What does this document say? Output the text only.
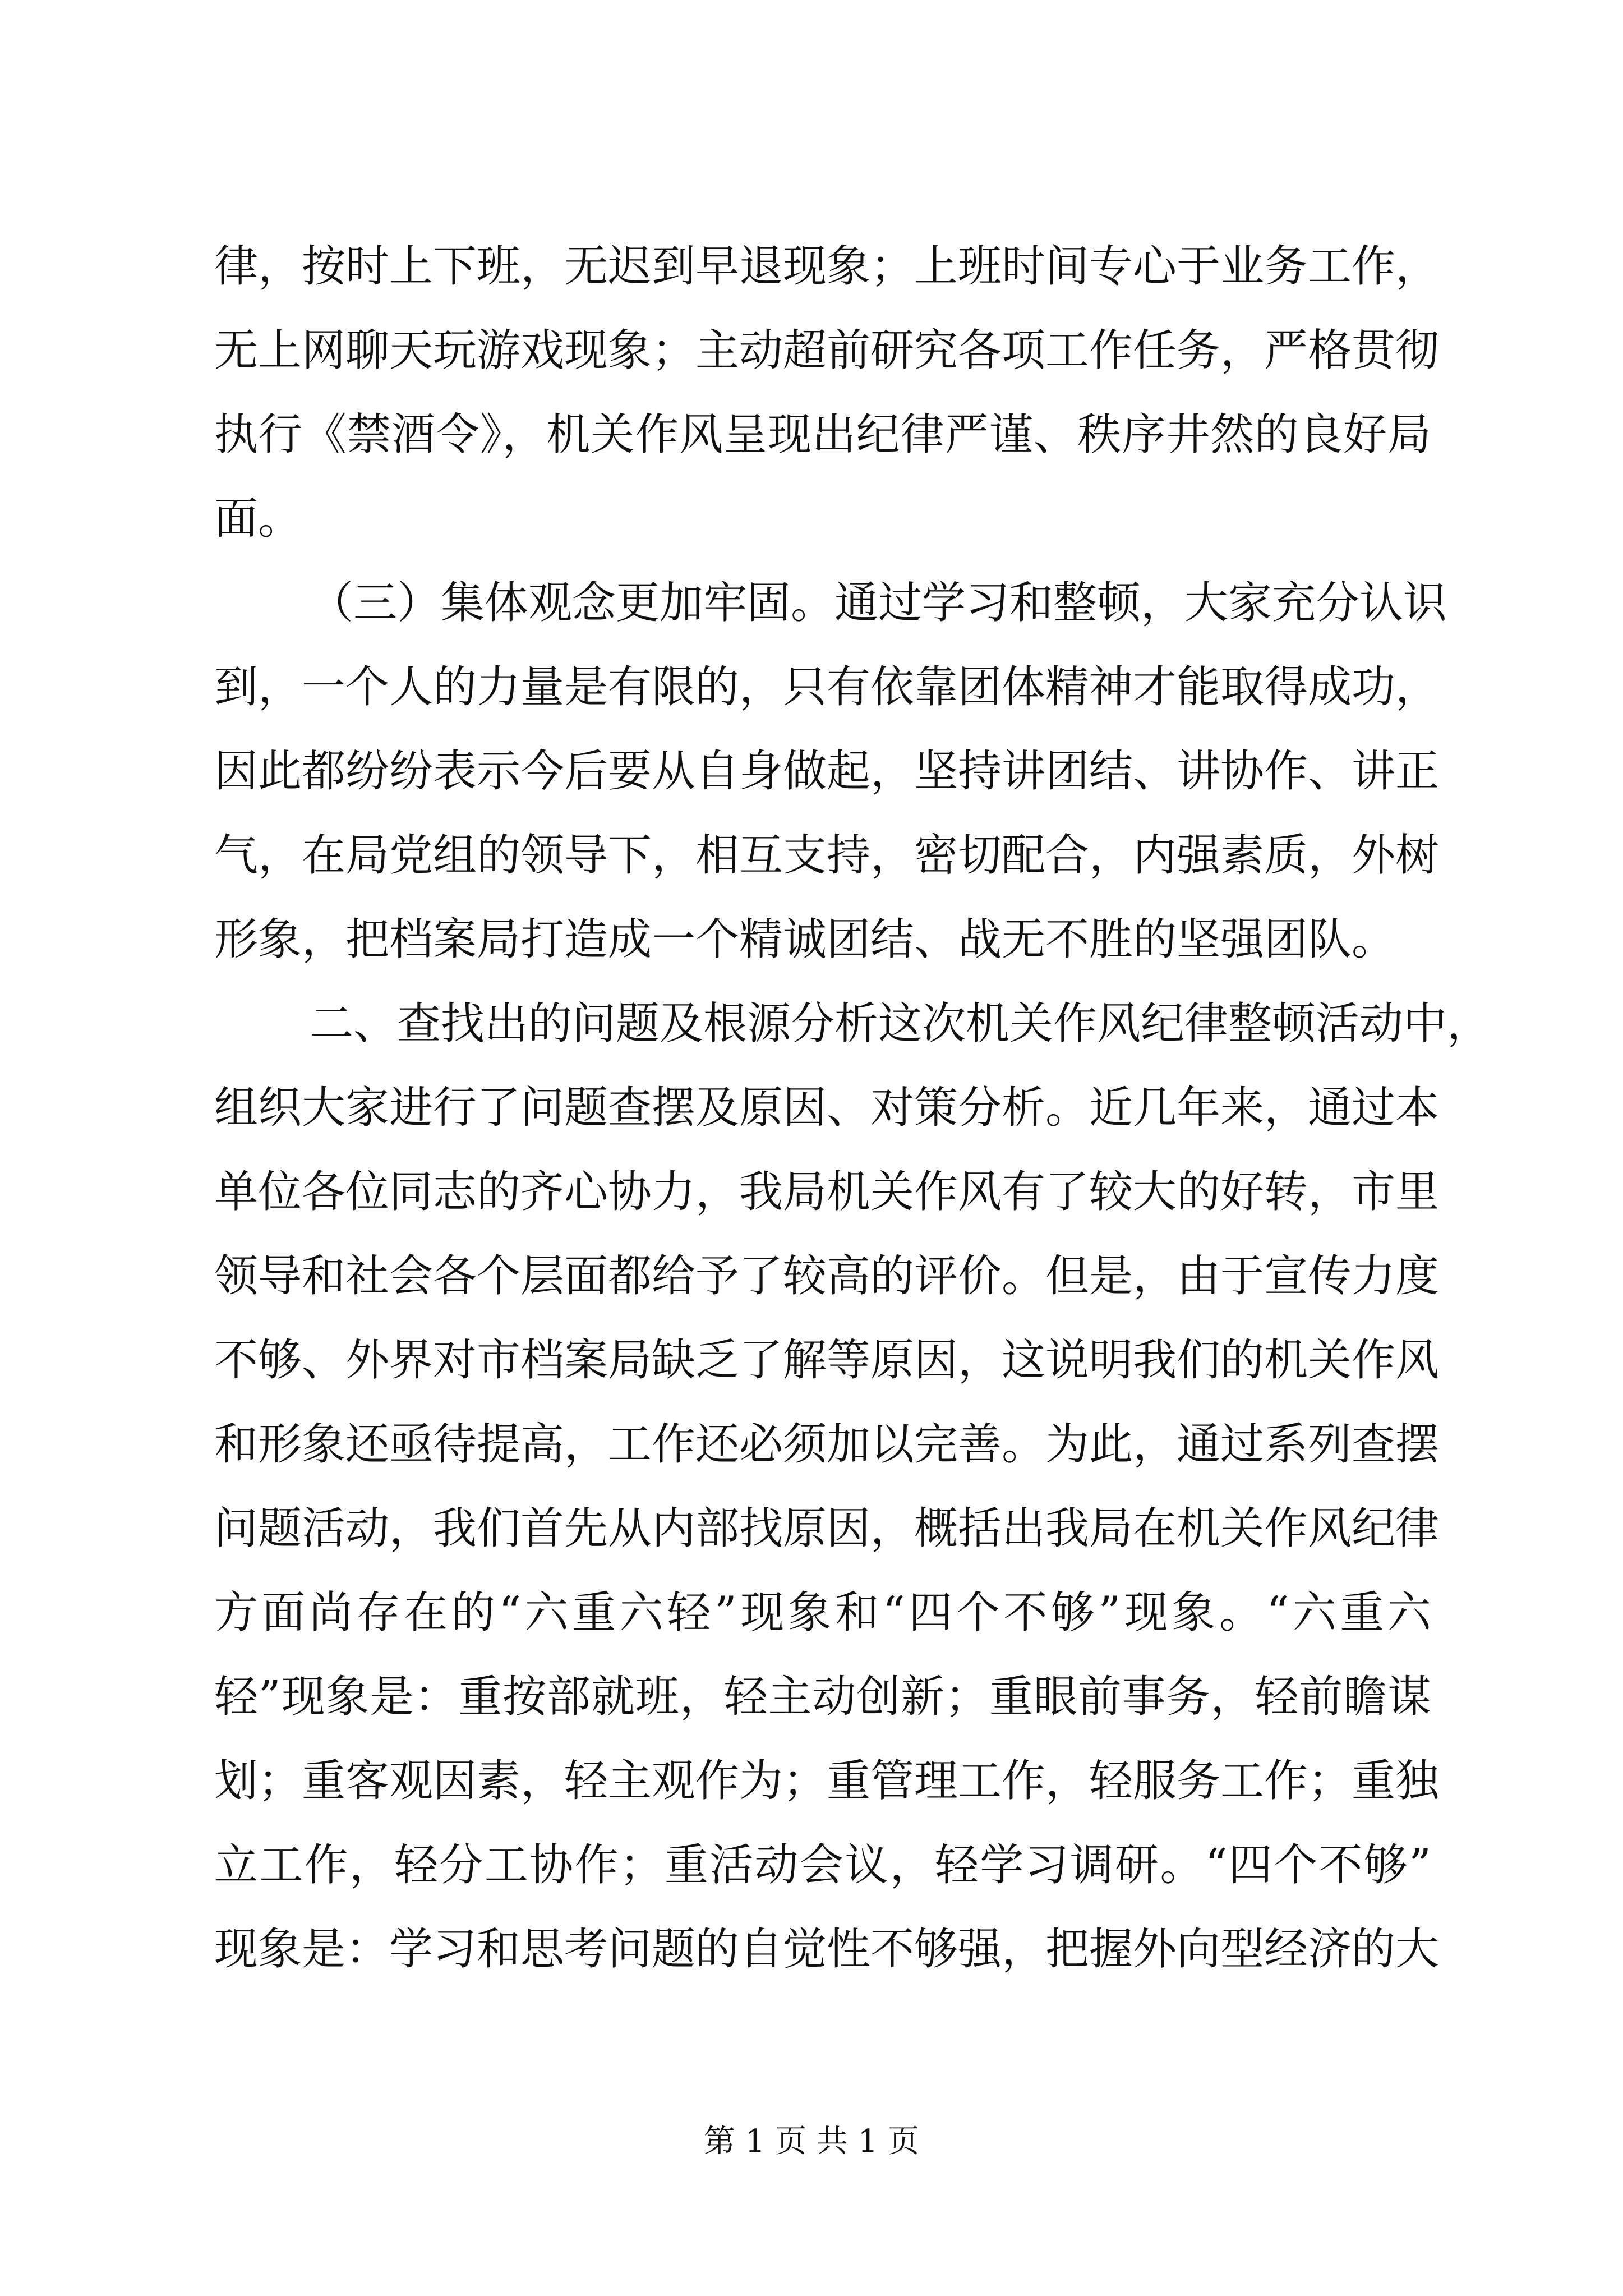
律，按时上下班，无迟到早退现象；上班时间专心于业务工作，
无上网聊天玩游戏现象；主动超前研究各项工作任务，严格贯彻
执行《禁酒令》，机关作风呈现出纪律严谨、秩序井然的良好局
面。
（三）集体观念更加牢固。通过学习和整顿，大家充分认识
到，一个人的力量是有限的，只有依靠团体精神才能取得成功，
因此都纷纷表示今后要从自身做起，坚持讲团结、讲协作、讲正
气，在局党组的领导下，相互支持，密切配合，内强素质，外树
形象，把档案局打造成一个精诚团结、战无不胜的坚强团队。
二、查找出的问题及根源分析这次机关作风纪律整顿活动中，
组织大家进行了问题查摆及原因、对策分析。近几年来，通过本
单位各位同志的齐心协力，我局机关作风有了较大的好转，市里
领导和社会各个层面都给予了较高的评价。但是，由于宣传力度
不够、外界对市档案局缺乏了解等原因，这说明我们的机关作风
和形象还亟待提高，工作还必须加以完善。为此，通过系列查摆
问题活动，我们首先从内部找原因，概括出我局在机关作风纪律
方面尚存在的“六重六轻”现象和“四个不够”现象。“六重六
轻”现象是：重按部就班，轻主动创新；重眼前事务，轻前瞻谋
划；重客观因素，轻主观作为；重管理工作，轻服务工作；重独
立工作，轻分工协作；重活动会议，轻学习调研。“四个不够”
现象是：学习和思考问题的自觉性不够强，把握外向型经济的大
第 1 页 共 1 页
